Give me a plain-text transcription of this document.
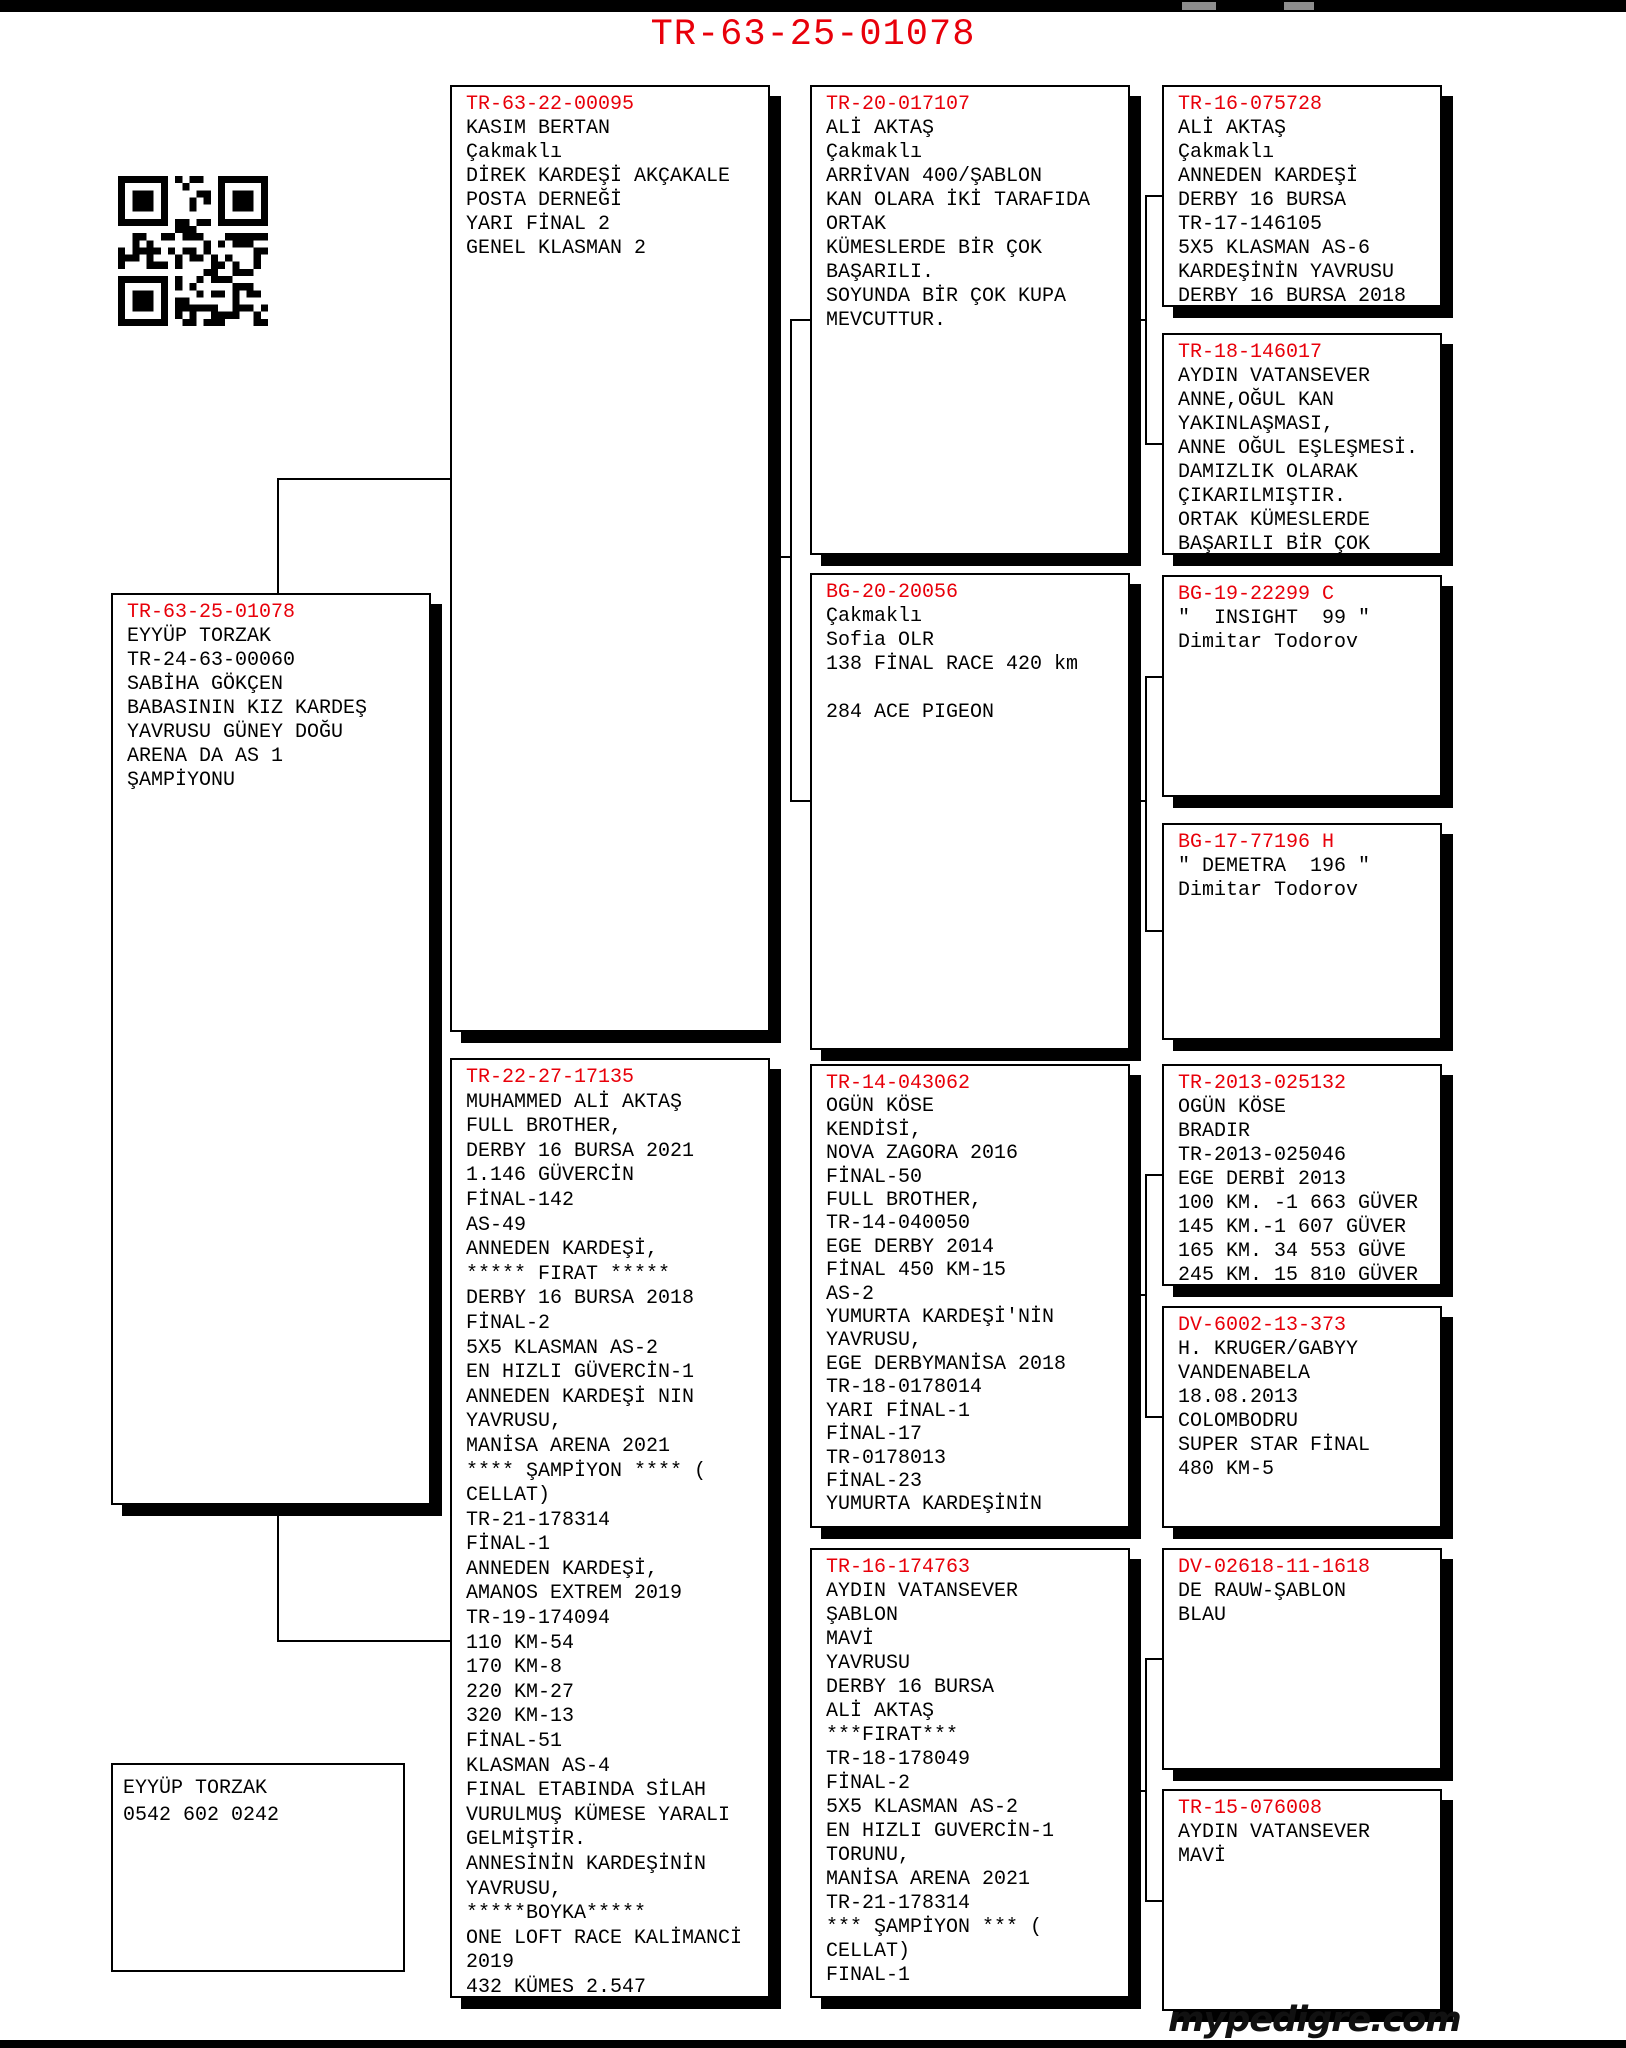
TR-63-25-01078
TR-63-25-01078
EYYÜP TORZAK
TR-24-63-00060
SABİHA GÖKÇEN
BABASININ KIZ KARDEŞ
YAVRUSU GÜNEY DOĞU
ARENA DA AS 1
ŞAMPİYONU
TR-63-22-00095
KASIM BERTAN
Çakmaklı
DİREK KARDEŞİ AKÇAKALE
POSTA DERNEĞİ
YARI FİNAL 2
GENEL KLASMAN 2
TR-22-27-17135
MUHAMMED ALİ AKTAŞ
FULL BROTHER,
DERBY 16 BURSA 2021
1.146 GÜVERCİN
FİNAL-142
AS-49
ANNEDEN KARDEŞİ,
***** FIRAT *****
DERBY 16 BURSA 2018
FİNAL-2
5X5 KLASMAN AS-2
EN HIZLI GÜVERCİN-1
ANNEDEN KARDEŞİ NIN
YAVRUSU,
MANİSA ARENA 2021
**** ŞAMPİYON **** (
CELLAT)
TR-21-178314
FİNAL-1
ANNEDEN KARDEŞİ,
AMANOS EXTREM 2019
TR-19-174094
110 KM-54
170 KM-8
220 KM-27
320 KM-13
FİNAL-51
KLASMAN AS-4
FINAL ETABINDA SİLAH
VURULMUŞ KÜMESE YARALI
GELMİŞTİR.
ANNESİNİN KARDEŞİNİN
YAVRUSU,
*****BOYKA*****
ONE LOFT RACE KALİMANCİ
2019
432 KÜMES 2.547
TR-20-017107
ALİ AKTAŞ
Çakmaklı
ARRİVAN 400/ŞABLON
KAN OLARA İKİ TARAFIDA
ORTAK
KÜMESLERDE BİR ÇOK
BAŞARILI.
SOYUNDA BİR ÇOK KUPA
MEVCUTTUR.
BG-20-20056
Çakmaklı
Sofia OLR
138 FİNAL RACE 420 km
284 ACE PIGEON
TR-14-043062
OGÜN KÖSE
KENDİSİ,
NOVA ZAGORA 2016
FİNAL-50
FULL BROTHER,
TR-14-040050
EGE DERBY 2014
FİNAL 450 KM-15
AS-2
YUMURTA KARDEŞİ'NİN
YAVRUSU,
EGE DERBYMANİSA 2018
TR-18-0178014
YARI FİNAL-1
FİNAL-17
TR-0178013
FİNAL-23
YUMURTA KARDEŞİNİN
TR-16-174763
AYDIN VATANSEVER
ŞABLON
MAVİ
YAVRUSU
DERBY 16 BURSA
ALİ AKTAŞ
***FIRAT***
TR-18-178049
FİNAL-2
5X5 KLASMAN AS-2
EN HIZLI GUVERCİN-1
TORUNU,
MANİSA ARENA 2021
TR-21-178314
*** ŞAMPİYON *** (
CELLAT)
FINAL-1
TR-16-075728
ALİ AKTAŞ
Çakmaklı
ANNEDEN KARDEŞİ
DERBY 16 BURSA
TR-17-146105
5X5 KLASMAN AS-6
KARDEŞİNİN YAVRUSU
DERBY 16 BURSA 2018
TR-18-146017
AYDIN VATANSEVER
ANNE,OĞUL KAN
YAKINLAŞMASI,
ANNE OĞUL EŞLEŞMESİ.
DAMIZLIK OLARAK
ÇIKARILMIŞTIR.
ORTAK KÜMESLERDE
BAŞARILI BİR ÇOK
BG-19-22299 C
″  INSIGHT  99 ″
Dimitar Todorov
BG-17-77196 H
″ DEMETRA  196 ″
Dimitar Todorov
TR-2013-025132
OGÜN KÖSE
BRADIR
TR-2013-025046
EGE DERBİ 2013
100 KM. -1 663 GÜVER
145 KM.-1 607 GÜVER
165 KM. 34 553 GÜVE
245 KM. 15 810 GÜVER
DV-6002-13-373
H. KRUGER/GABYY
VANDENABELA
18.08.2013
COLOMBODRU
SUPER STAR FİNAL
480 KM-5
DV-02618-11-1618
DE RAUW-ŞABLON
BLAU
TR-15-076008
AYDIN VATANSEVER
MAVİ
EYYÜP TORZAK
0542 602 0242
mypedigre.com
